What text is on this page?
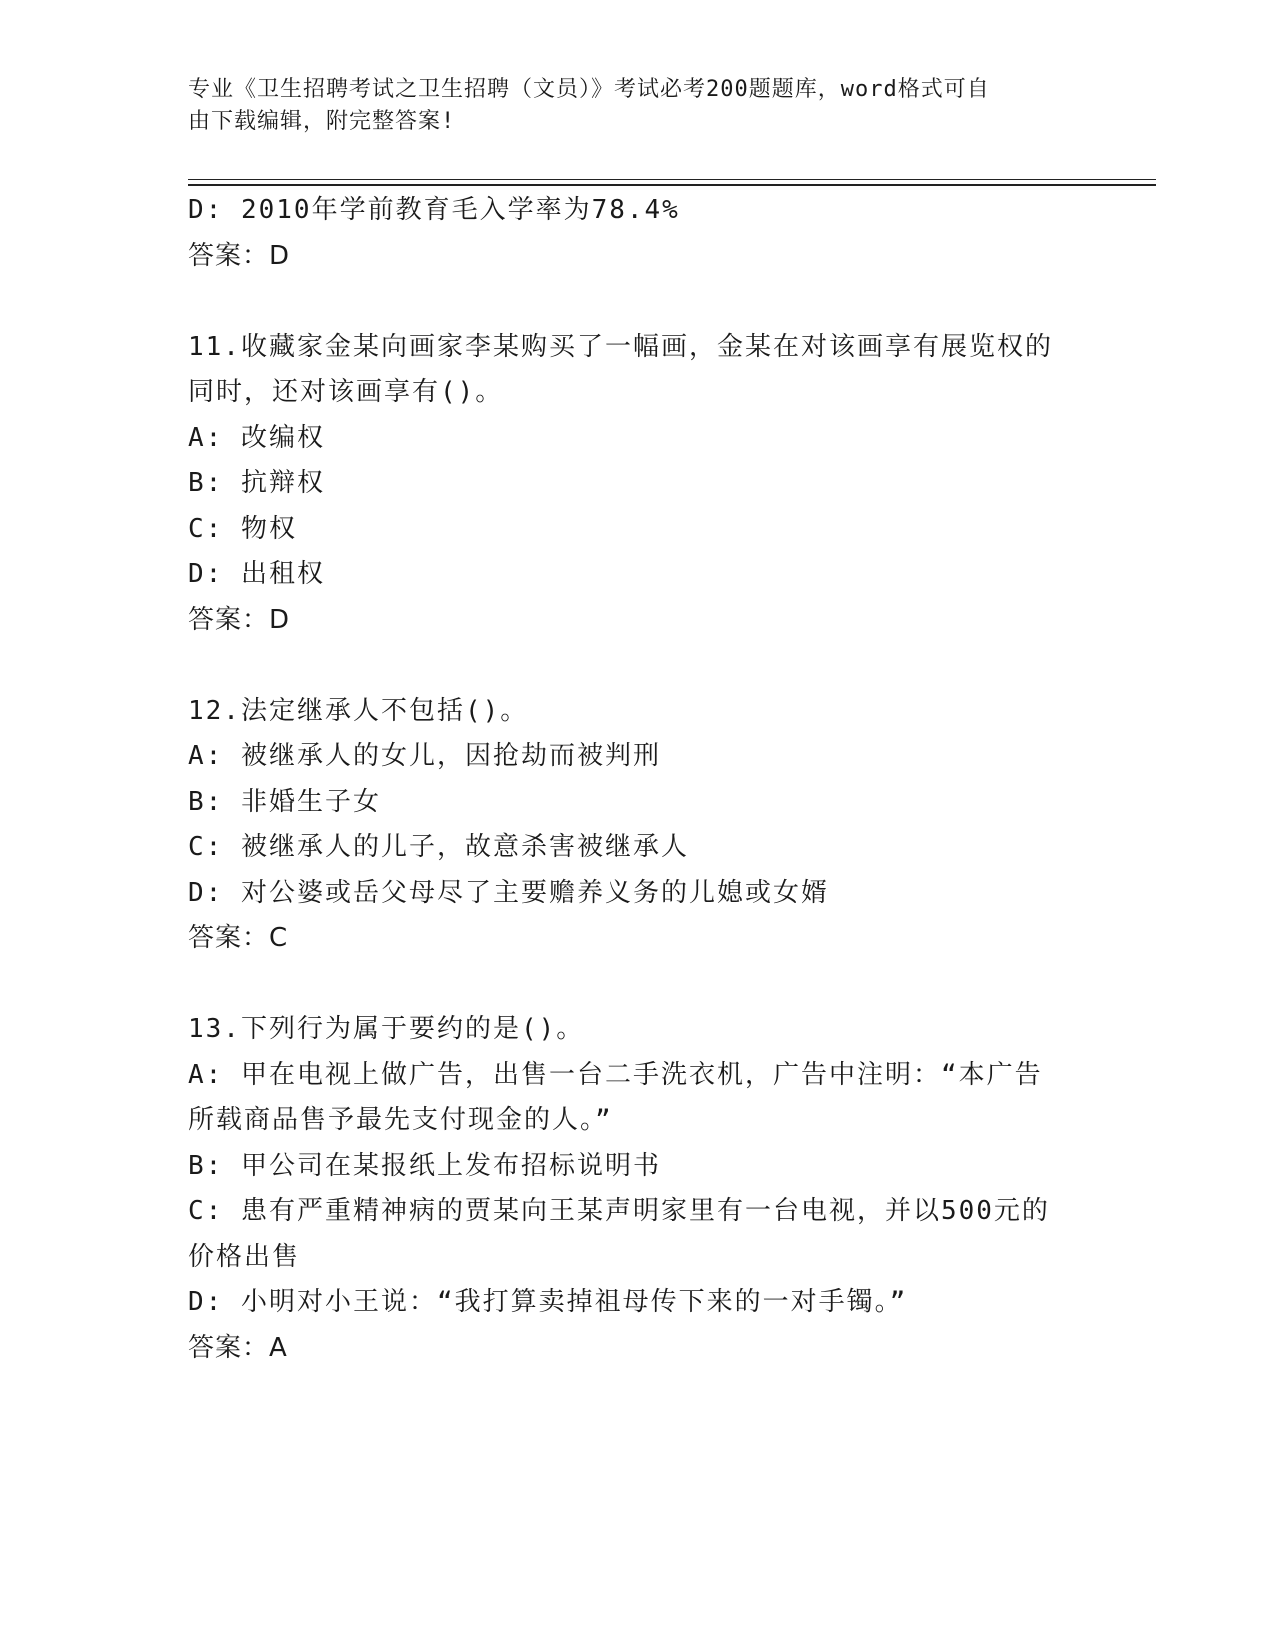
专业《卫生招聘考试之卫生招聘（文员）》考试必考200题题库，word格式可自
由下载编辑，附完整答案!
D: 2010年学前教育毛入学率为78.4%
答案：D
11.收藏家金某向画家李某购买了一幅画，金某在对该画享有展览权的
同时，还对该画享有()。
A: 改编权
B: 抗辩权
C: 物权
D: 出租权
答案：D
12.法定继承人不包括()。
A: 被继承人的女儿，因抢劫而被判刑
B: 非婚生子女
C: 被继承人的儿子，故意杀害被继承人
D: 对公婆或岳父母尽了主要赡养义务的儿媳或女婿
答案：C
13.下列行为属于要约的是()。
A: 甲在电视上做广告，出售一台二手洗衣机，广告中注明：“本广告
所载商品售予最先支付现金的人。”
B: 甲公司在某报纸上发布招标说明书
C: 患有严重精神病的贾某向王某声明家里有一台电视，并以500元的
价格出售
D: 小明对小王说：“我打算卖掉祖母传下来的一对手镯。”
答案：A
